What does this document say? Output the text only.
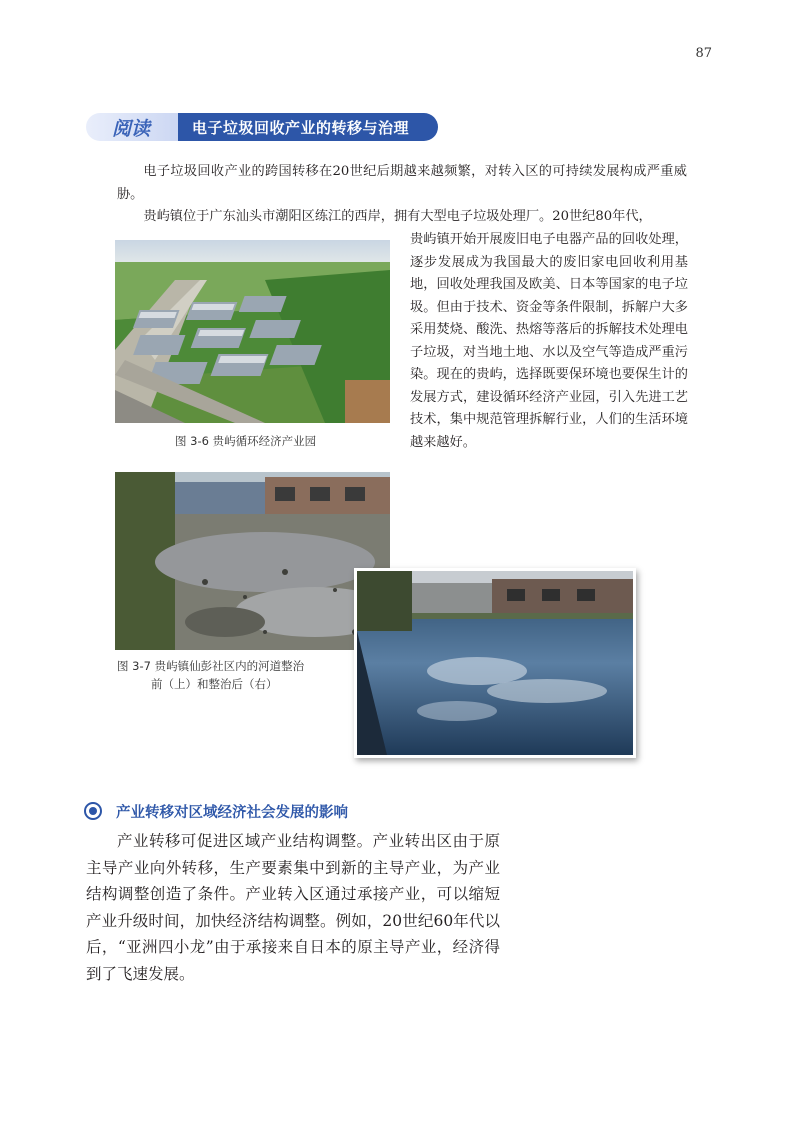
87
电子垃圾回收产业的转移与治理
阅读
电子垃圾回收产业的跨国转移在20世纪后期越来越频繁，对转入区的可持续发展构成严重威胁。
贵屿镇位于广东汕头市潮阳区练江的西岸，拥有大型电子垃圾处理厂。20世纪80年代，
贵屿镇开始开展废旧电子电器产品的回收处理，逐步发展成为我国最大的废旧家电回收利用基地，回收处理我国及欧美、日本等国家的电子垃圾。但由于技术、资金等条件限制，拆解户大多采用焚烧、酸洗、热熔等落后的拆解技术处理电子垃圾，对当地土地、水以及空气等造成严重污染。现在的贵屿，选择既要保环境也要保生计的发展方式，建设循环经济产业园，引入先进工艺技术，集中规范管理拆解行业，人们的生活环境越来越好。
图 3-6 贵屿循环经济产业园
图 3-7 贵屿镇仙彭社区内的河道整治
前（上）和整治后（右）
产业转移对区域经济社会发展的影响
产业转移可促进区域产业结构调整。产业转出区由于原主导产业向外转移，生产要素集中到新的主导产业，为产业结构调整创造了条件。产业转入区通过承接产业，可以缩短产业升级时间，加快经济结构调整。例如，20世纪60年代以后，“亚洲四小龙”由于承接来自日本的原主导产业，经济得到了飞速发展。
